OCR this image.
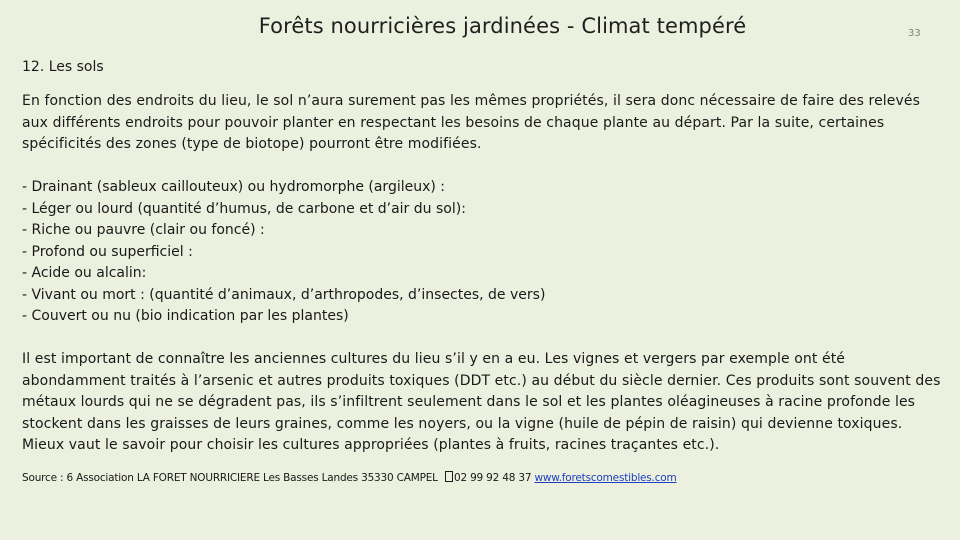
Forêts nourricières jardinées - Climat tempéré	33
12. Les sols

En fonction des endroits du lieu, le sol n’aura surement pas les mêmes propriétés, il sera donc nécessaire de faire des relevés aux différents endroits pour pouvoir planter en respectant les besoins de chaque plante au départ. Par la suite, certaines spécificités des zones (type de biotope) pourront être modifiées.

- Drainant (sableux caillouteux) ou hydromorphe (argileux) :
- Léger ou lourd (quantité d’humus, de carbone et d’air du sol):
- Riche ou pauvre (clair ou foncé) :
- Profond ou superficiel :
- Acide ou alcalin:
- Vivant ou mort : (quantité d’animaux, d’arthropodes, d’insectes, de vers)
- Couvert ou nu (bio indication par les plantes)

Il est important de connaître les anciennes cultures du lieu s’il y en a eu. Les vignes et vergers par exemple ont été abondamment traités à l’arsenic et autres produits toxiques (DDT etc.) au début du siècle dernier. Ces produits sont souvent des métaux lourds qui ne se dégradent pas, ils s’infiltrent seulement dans le sol et les plantes oléagineuses à racine profonde les stockent dans les graisses de leurs graines, comme les noyers, ou la vigne (huile de pépin de raisin) qui devienne toxiques. Mieux vaut le savoir pour choisir les cultures appropriées (plantes à fruits, racines traçantes etc.).

Source : 6 Association LA FORET NOURRICIERE Les Basses Landes 35330 CAMPEL 02 99 92 48 37 www.foretscomestibles.com
